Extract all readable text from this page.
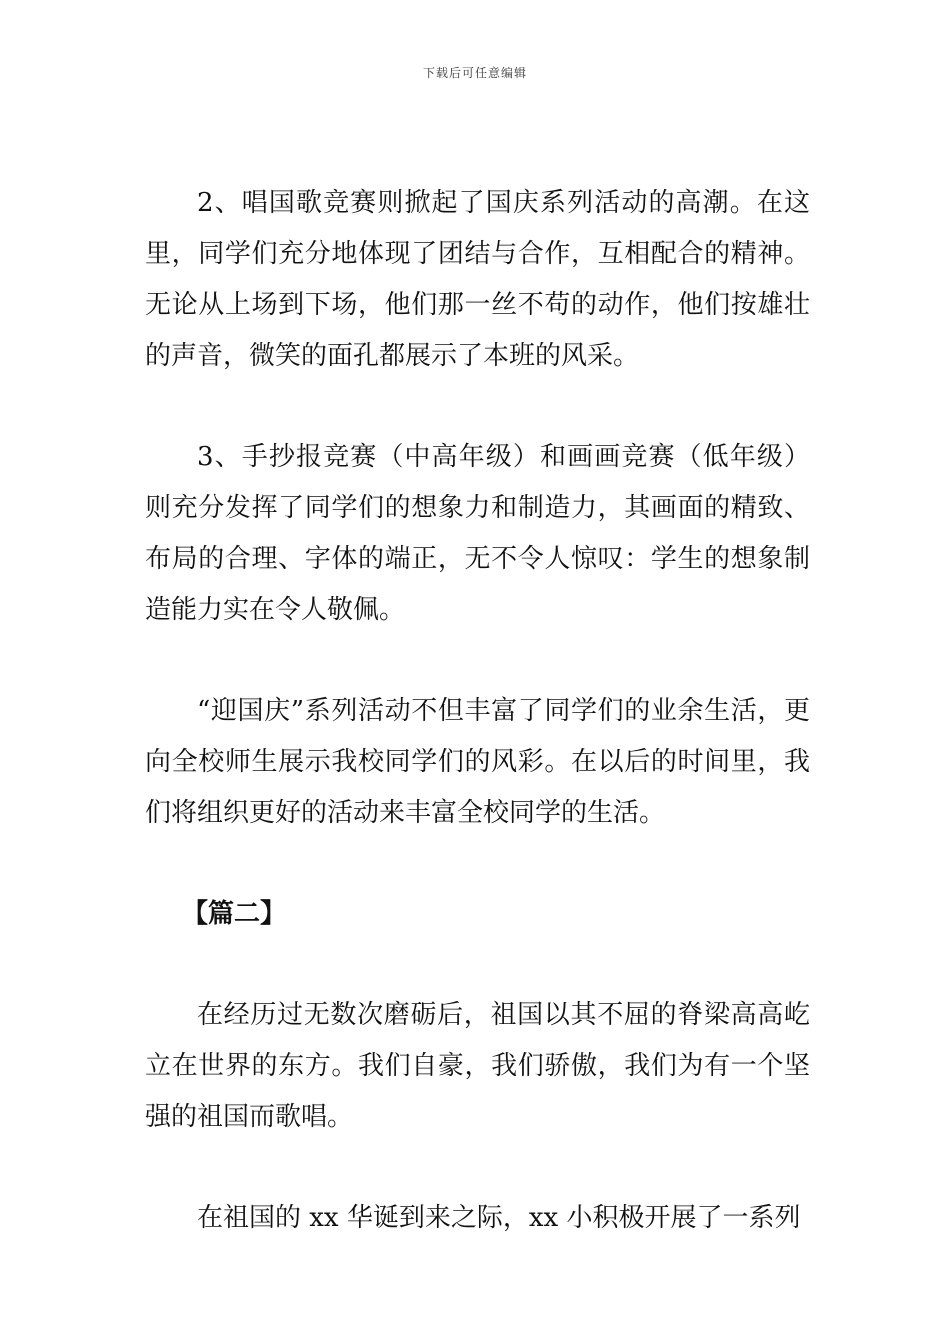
下载后可任意编辑

2、唱国歌竞赛则掀起了国庆系列活动的高潮。在这里，同学们充分地体现了团结与合作，互相配合的精神。无论从上场到下场，他们那一丝不苟的动作，他们按雄壮的声音，微笑的面孔都展示了本班的风采。

3、手抄报竞赛（中高年级）和画画竞赛（低年级）则充分发挥了同学们的想象力和制造力，其画面的精致、布局的合理、字体的端正，无不令人惊叹：学生的想象制造能力实在令人敬佩。

“迎国庆”系列活动不但丰富了同学们的业余生活，更向全校师生展示我校同学们的风彩。在以后的时间里，我们将组织更好的活动来丰富全校同学的生活。

【篇二】

在经历过无数次磨砺后，祖国以其不屈的脊梁高高屹立在世界的东方。我们自豪，我们骄傲，我们为有一个坚强的祖国而歌唱。

在祖国的 xx 华诞到来之际，xx 小积极开展了一系列
